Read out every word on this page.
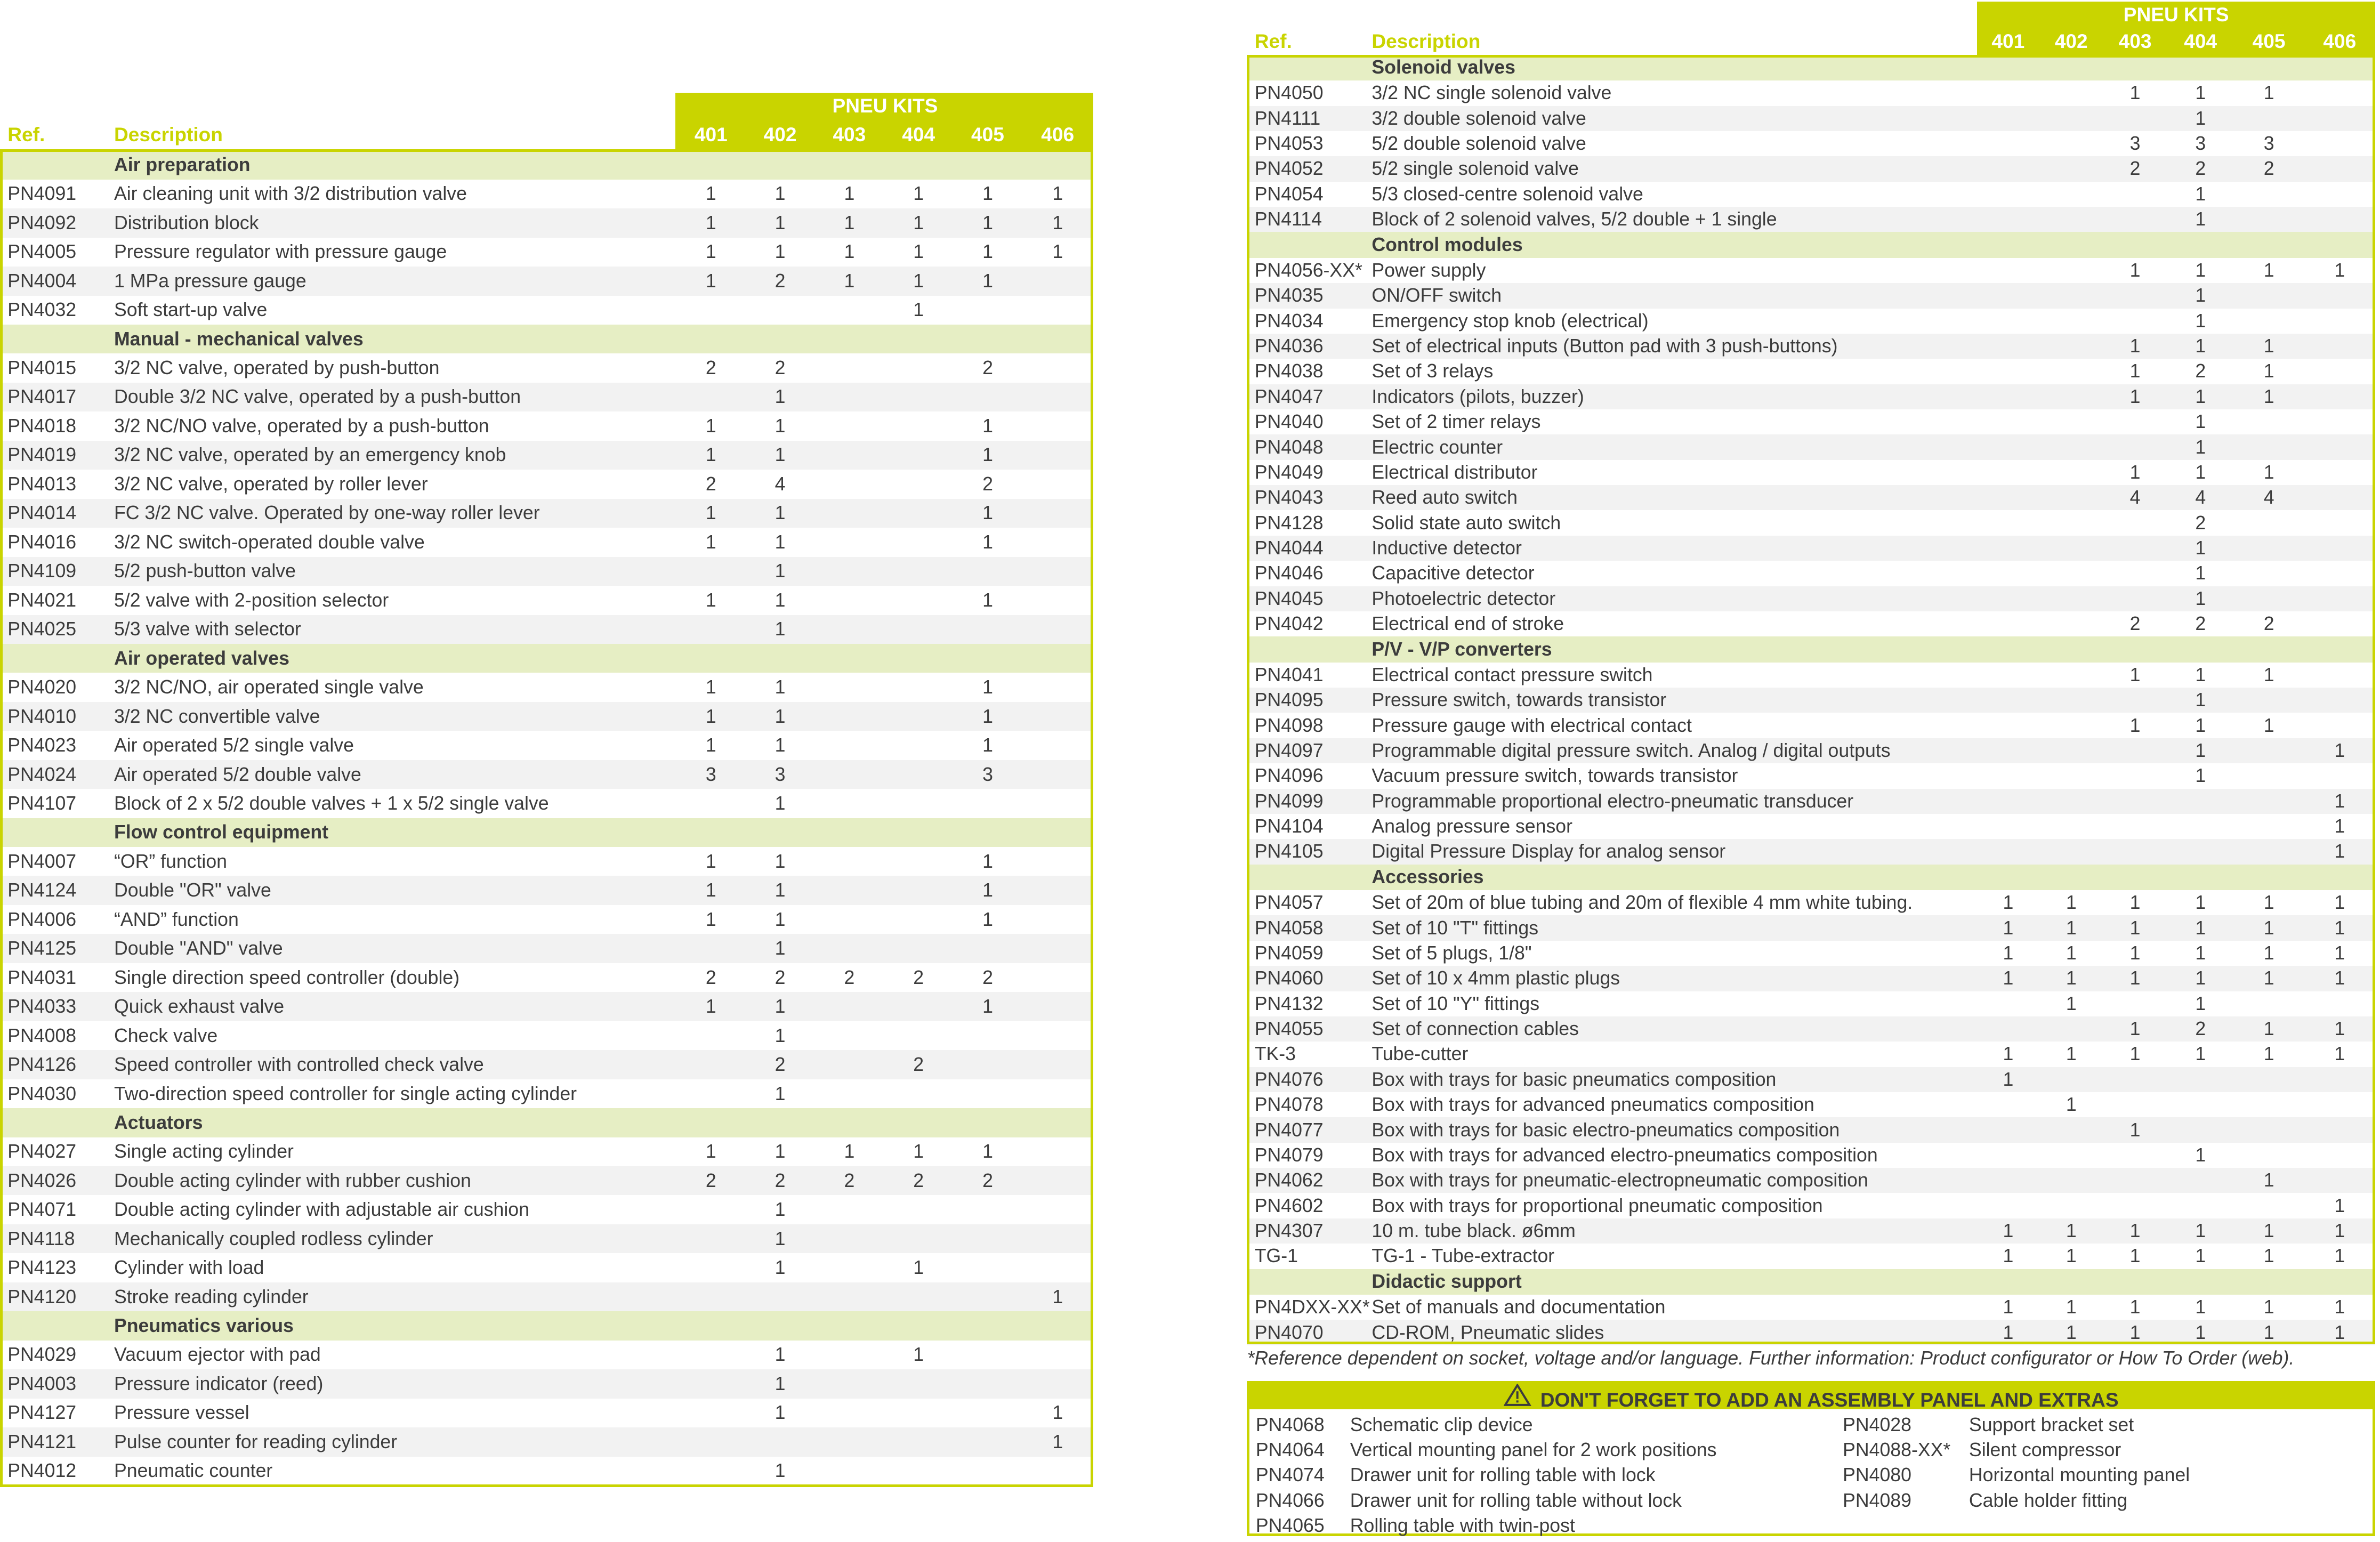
		PNEU KITS					
Ref.	Description	401	402	403	404	405	406
	Air preparation						
PN4091	Air cleaning unit with 3/2 distribution valve	1	1	1	1	1	1
PN4092	Distribution block	1	1	1	1	1	1
PN4005	Pressure regulator with pressure gauge	1	1	1	1	1	1
PN4004	1 MPa pressure gauge	1	2	1	1	1	
PN4032	Soft start-up valve				1		
	Manual - mechanical valves						
PN4015	3/2 NC valve, operated by push-button	2	2			2	
PN4017	Double 3/2 NC valve, operated by a push-button		1				
PN4018	3/2 NC/NO valve, operated by a push-button	1	1			1	
PN4019	3/2 NC valve, operated by an emergency knob	1	1			1	
PN4013	3/2 NC valve, operated by roller lever	2	4			2	
PN4014	FC 3/2 NC valve. Operated by one-way roller lever	1	1			1	
PN4016	3/2 NC switch-operated double valve	1	1			1	
PN4109	5/2 push-button valve		1				
PN4021	5/2 valve with 2-position selector	1	1			1	
PN4025	5/3 valve with selector		1				
	Air operated valves						
PN4020	3/2 NC/NO, air operated single valve	1	1			1	
PN4010	3/2 NC convertible valve	1	1			1	
PN4023	Air operated 5/2 single valve	1	1			1	
PN4024	Air operated 5/2 double valve	3	3			3	
PN4107	Block of 2 x 5/2 double valves + 1 x 5/2 single valve		1				
	Flow control equipment						
PN4007	“OR” function	1	1			1	
PN4124	Double "OR" valve	1	1			1	
PN4006	“AND” function	1	1			1	
PN4125	Double "AND" valve		1				
PN4031	Single direction speed controller (double)	2	2	2	2	2	
PN4033	Quick exhaust valve	1	1			1	
PN4008	Check valve		1				
PN4126	Speed controller with controlled check valve		2		2		
PN4030	Two-direction speed controller for single acting cylinder		1				
	Actuators						
PN4027	Single acting cylinder	1	1	1	1	1	
PN4026	Double acting cylinder with rubber cushion	2	2	2	2	2	
PN4071	Double acting cylinder with adjustable air cushion		1				
PN4118	Mechanically coupled rodless cylinder		1				
PN4123	Cylinder with load		1		1		
PN4120	Stroke reading cylinder						1
	Pneumatics various						
PN4029	Vacuum ejector with pad		1		1		
PN4003	Pressure indicator (reed)		1				
PN4127	Pressure vessel		1				1
PN4121	Pulse counter for reading cylinder						1
PN4012	Pneumatic counter		1				
		PNEU KITS					
Ref.	Description	401	402	403	404	405	406
	Solenoid valves						
PN4050	3/2 NC single solenoid valve			1	1	1	
PN4111	3/2 double solenoid valve				1		
PN4053	5/2 double solenoid valve			3	3	3	
PN4052	5/2 single solenoid valve			2	2	2	
PN4054	5/3 closed-centre solenoid valve				1		
PN4114	Block of 2 solenoid valves, 5/2 double + 1 single				1		
	Control modules						
PN4056-XX*	Power supply			1	1	1	1
PN4035	ON/OFF switch				1		
PN4034	Emergency stop knob (electrical)				1		
PN4036	Set of electrical inputs (Button pad with 3 push-buttons)			1	1	1	
PN4038	Set of 3 relays			1	2	1	
PN4047	Indicators (pilots, buzzer)			1	1	1	
PN4040	Set of 2 timer relays				1		
PN4048	Electric counter				1		
PN4049	Electrical distributor			1	1	1	
PN4043	Reed auto switch			4	4	4	
PN4128	Solid state auto switch				2		
PN4044	Inductive detector				1		
PN4046	Capacitive detector				1		
PN4045	Photoelectric detector				1		
PN4042	Electrical end of stroke			2	2	2	
	P/V - V/P converters						
PN4041	Electrical contact pressure switch			1	1	1	
PN4095	Pressure switch, towards transistor				1		
PN4098	Pressure gauge with electrical contact			1	1	1	
PN4097	Programmable digital pressure switch. Analog / digital outputs				1		1
PN4096	Vacuum pressure switch, towards transistor				1		
PN4099	Programmable proportional electro-pneumatic transducer						1
PN4104	Analog pressure sensor						1
PN4105	Digital Pressure Display for analog sensor						1
	Accessories						
PN4057	Set of 20m of blue tubing and 20m of flexible 4 mm white tubing.	1	1	1	1	1	1
PN4058	Set of 10 "T" fittings	1	1	1	1	1	1
PN4059	Set of 5 plugs, 1/8"	1	1	1	1	1	1
PN4060	Set of 10 x 4mm plastic plugs	1	1	1	1	1	1
PN4132	Set of 10 "Y" fittings		1		1		
PN4055	Set of connection cables			1	2	1	1
TK-3	Tube-cutter	1	1	1	1	1	1
PN4076	Box with trays for basic pneumatics composition	1					
PN4078	Box with trays for advanced pneumatics composition		1				
PN4077	Box with trays for basic electro-pneumatics composition			1			
PN4079	Box with trays for advanced electro-pneumatics composition				1		
PN4062	Box with trays for pneumatic-electropneumatic composition					1	
PN4602	Box with trays for proportional pneumatic composition						1
PN4307	10 m. tube black. ø6mm	1	1	1	1	1	1
TG-1	TG-1 - Tube-extractor	1	1	1	1	1	1
	Didactic support						
PN4DXX-XX*	Set of manuals and documentation	1	1	1	1	1	1
PN4070	CD-ROM, Pneumatic slides	1	1	1	1	1	1
*Reference dependent on socket, voltage and/or language. Further information: Product configurator or How To Order (web).
DON'T FORGET TO ADD AN ASSEMBLY PANEL AND EXTRAS
PN4068	Schematic clip device
PN4064	Vertical mounting panel for 2 work positions
PN4074	Drawer unit for rolling table with lock
PN4066	Drawer unit for rolling table without lock
PN4065	Rolling table with twin-post
PN4028	Support bracket set
PN4088-XX*	Silent compressor
PN4080	Horizontal mounting panel
PN4089	Cable holder fitting
